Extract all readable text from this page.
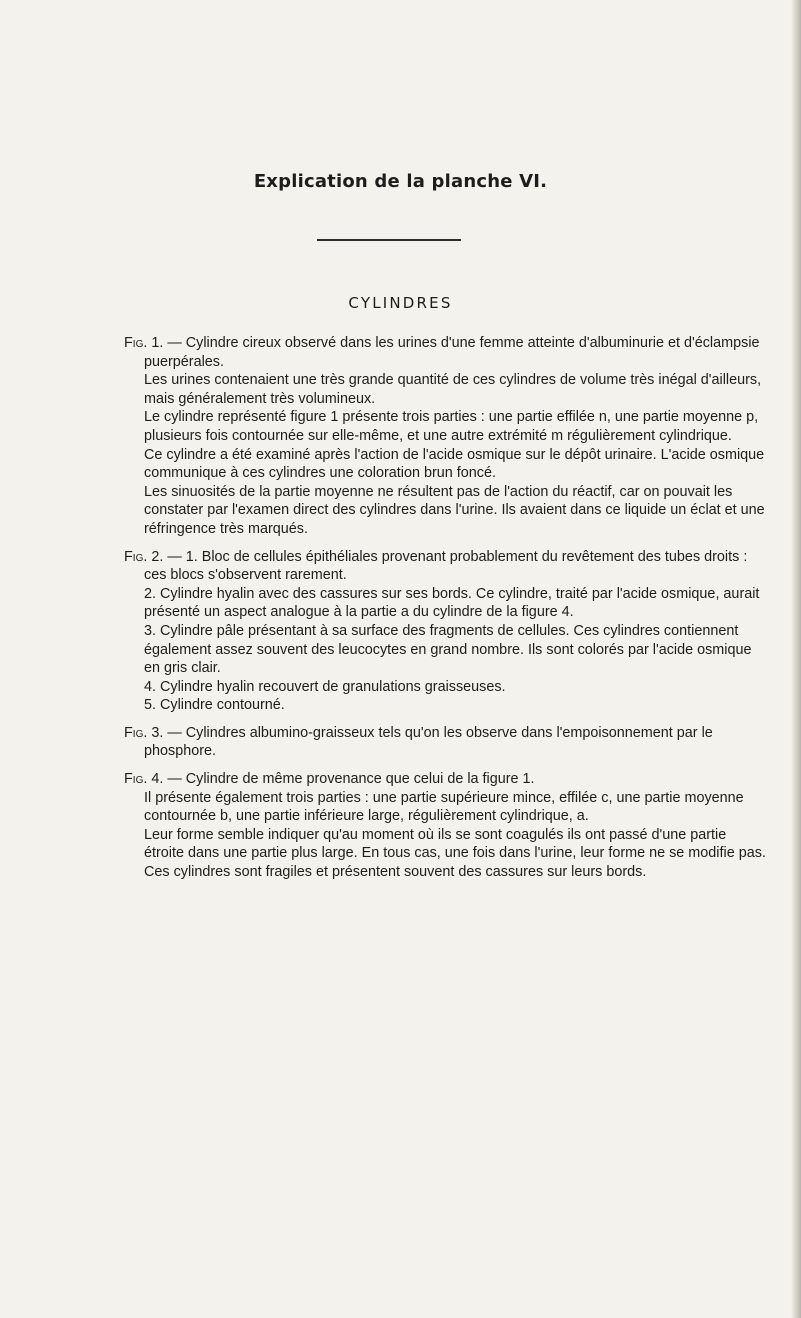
Explication de la planche VI.
CYLINDRES

Fig. 1. — Cylindre cireux observé dans les urines d'une femme atteinte d'albuminurie et d'éclampsie puerpérales.

Les urines contenaient une très grande quantité de ces cylindres de volume très inégal d'ailleurs, mais généralement très volumineux.

Le cylindre représenté figure 1 présente trois parties : une partie effilée n, une partie moyenne p, plusieurs fois contournée sur elle-même, et une autre extrémité m régulièrement cylindrique.

Ce cylindre a été examiné après l'action de l'acide osmique sur le dépôt urinaire. L'acide osmique communique à ces cylindres une coloration brun foncé.

Les sinuosités de la partie moyenne ne résultent pas de l'action du réactif, car on pouvait les constater par l'examen direct des cylindres dans l'urine. Ils avaient dans ce liquide un éclat et une réfringence très marqués.

Fig. 2. — 1. Bloc de cellules épithéliales provenant probablement du revêtement des tubes droits : ces blocs s'observent rarement.

2. Cylindre hyalin avec des cassures sur ses bords. Ce cylindre, traité par l'acide osmique, aurait présenté un aspect analogue à la partie a du cylindre de la figure 4.

3. Cylindre pâle présentant à sa surface des fragments de cellules. Ces cylindres contiennent également assez souvent des leucocytes en grand nombre. Ils sont colorés par l'acide osmique en gris clair.

4. Cylindre hyalin recouvert de granulations graisseuses.

5. Cylindre contourné.

Fig. 3. — Cylindres albumino-graisseux tels qu'on les observe dans l'empoisonnement par le phosphore.

Fig. 4. — Cylindre de même provenance que celui de la figure 1.

Il présente également trois parties : une partie supérieure mince, effilée c, une partie moyenne contournée b, une partie inférieure large, régulièrement cylindrique, a.

Leur forme semble indiquer qu'au moment où ils se sont coagulés ils ont passé d'une partie étroite dans une partie plus large. En tous cas, une fois dans l'urine, leur forme ne se modifie pas.

Ces cylindres sont fragiles et présentent souvent des cassures sur leurs bords.
